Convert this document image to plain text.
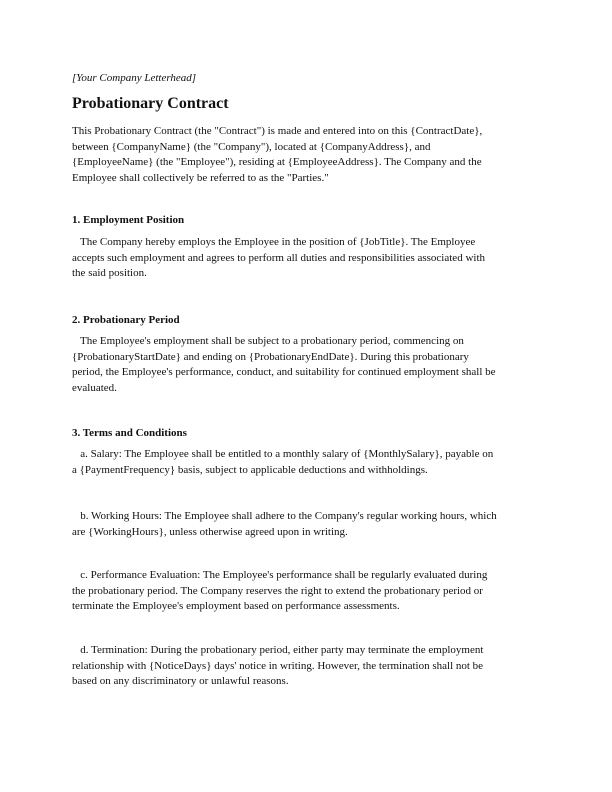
[Your Company Letterhead]
Probationary Contract

This Probationary Contract (the "Contract") is made and entered into on this {ContractDate},
between {CompanyName} (the "Company"), located at {CompanyAddress}, and
{EmployeeName} (the "Employee"), residing at {EmployeeAddress}. The Company and the
Employee shall collectively be referred to as the "Parties."

1. Employment Position

The Company hereby employs the Employee in the position of {JobTitle}. The Employee
accepts such employment and agrees to perform all duties and responsibilities associated with
the said position.

2. Probationary Period

The Employee's employment shall be subject to a probationary period, commencing on
{ProbationaryStartDate} and ending on {ProbationaryEndDate}. During this probationary
period, the Employee's performance, conduct, and suitability for continued employment shall be
evaluated.

3. Terms and Conditions

a. Salary: The Employee shall be entitled to a monthly salary of {MonthlySalary}, payable on
a {PaymentFrequency} basis, subject to applicable deductions and withholdings.

b. Working Hours: The Employee shall adhere to the Company's regular working hours, which
are {WorkingHours}, unless otherwise agreed upon in writing.

c. Performance Evaluation: The Employee's performance shall be regularly evaluated during
the probationary period. The Company reserves the right to extend the probationary period or
terminate the Employee's employment based on performance assessments.

d. Termination: During the probationary period, either party may terminate the employment
relationship with {NoticeDays} days' notice in writing. However, the termination shall not be
based on any discriminatory or unlawful reasons.
